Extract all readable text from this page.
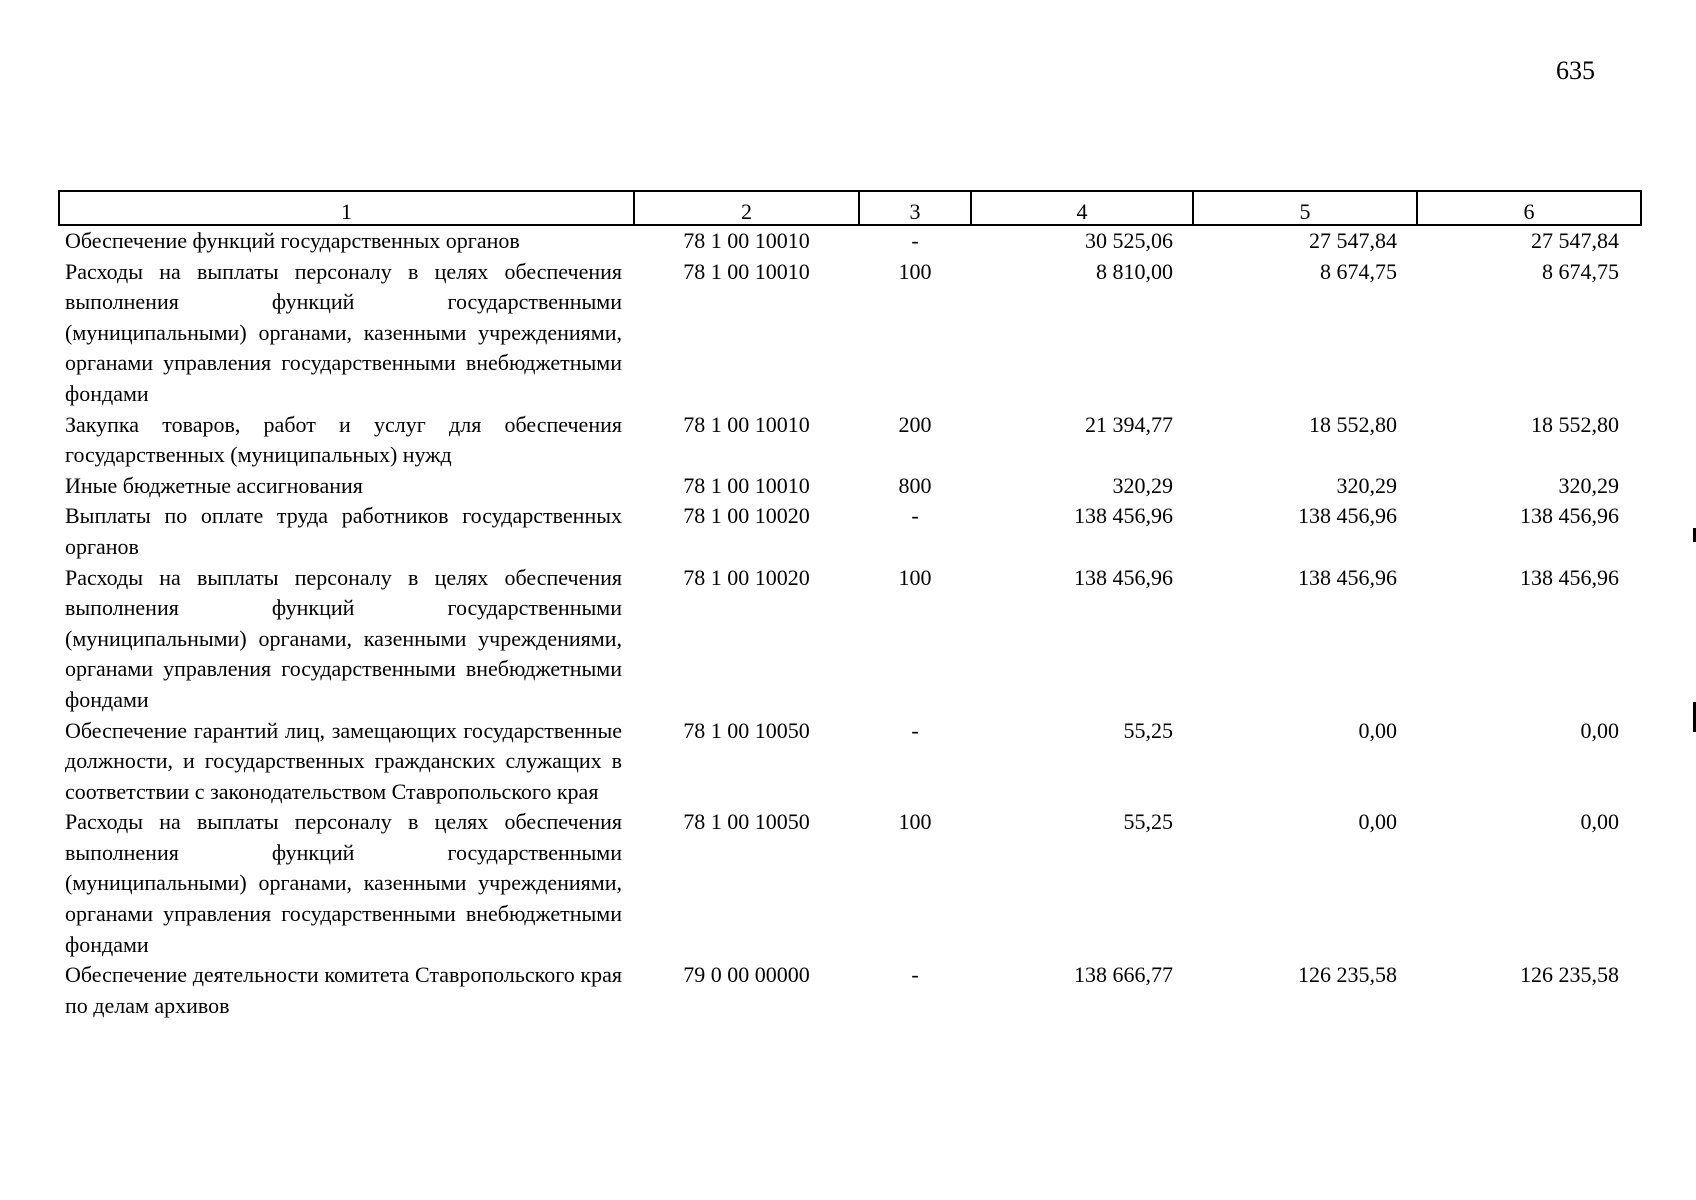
635
1	2	3	4	5	6
Обеспечение функций государственных органов	78 1 00 10010	-	30 525,06	27 547,84	27 547,84
Расходы на выплаты персоналу в целях обеспечения выполнения функций государственными (муниципальными) органами, казенными учреждениями, органами управления государственными внебюджетными фондами	78 1 00 10010	100	8 810,00	8 674,75	8 674,75
Закупка товаров, работ и услуг для обеспечения государственных (муниципальных) нужд	78 1 00 10010	200	21 394,77	18 552,80	18 552,80
Иные бюджетные ассигнования	78 1 00 10010	800	320,29	320,29	320,29
Выплаты по оплате труда работников государственных органов	78 1 00 10020	-	138 456,96	138 456,96	138 456,96
Расходы на выплаты персоналу в целях обеспечения выполнения функций государственными (муниципальными) органами, казенными учреждениями, органами управления государственными внебюджетными фондами	78 1 00 10020	100	138 456,96	138 456,96	138 456,96
Обеспечение гарантий лиц, замещающих государственные должности, и государственных гражданских служащих в соответствии с законодательством Ставропольского края	78 1 00 10050	-	55,25	0,00	0,00
Расходы на выплаты персоналу в целях обеспечения выполнения функций государственными (муниципальными) органами, казенными учреждениями, органами управления государственными внебюджетными фондами	78 1 00 10050	100	55,25	0,00	0,00
Обеспечение деятельности комитета Ставропольского края по делам архивов	79 0 00 00000	-	138 666,77	126 235,58	126 235,58
